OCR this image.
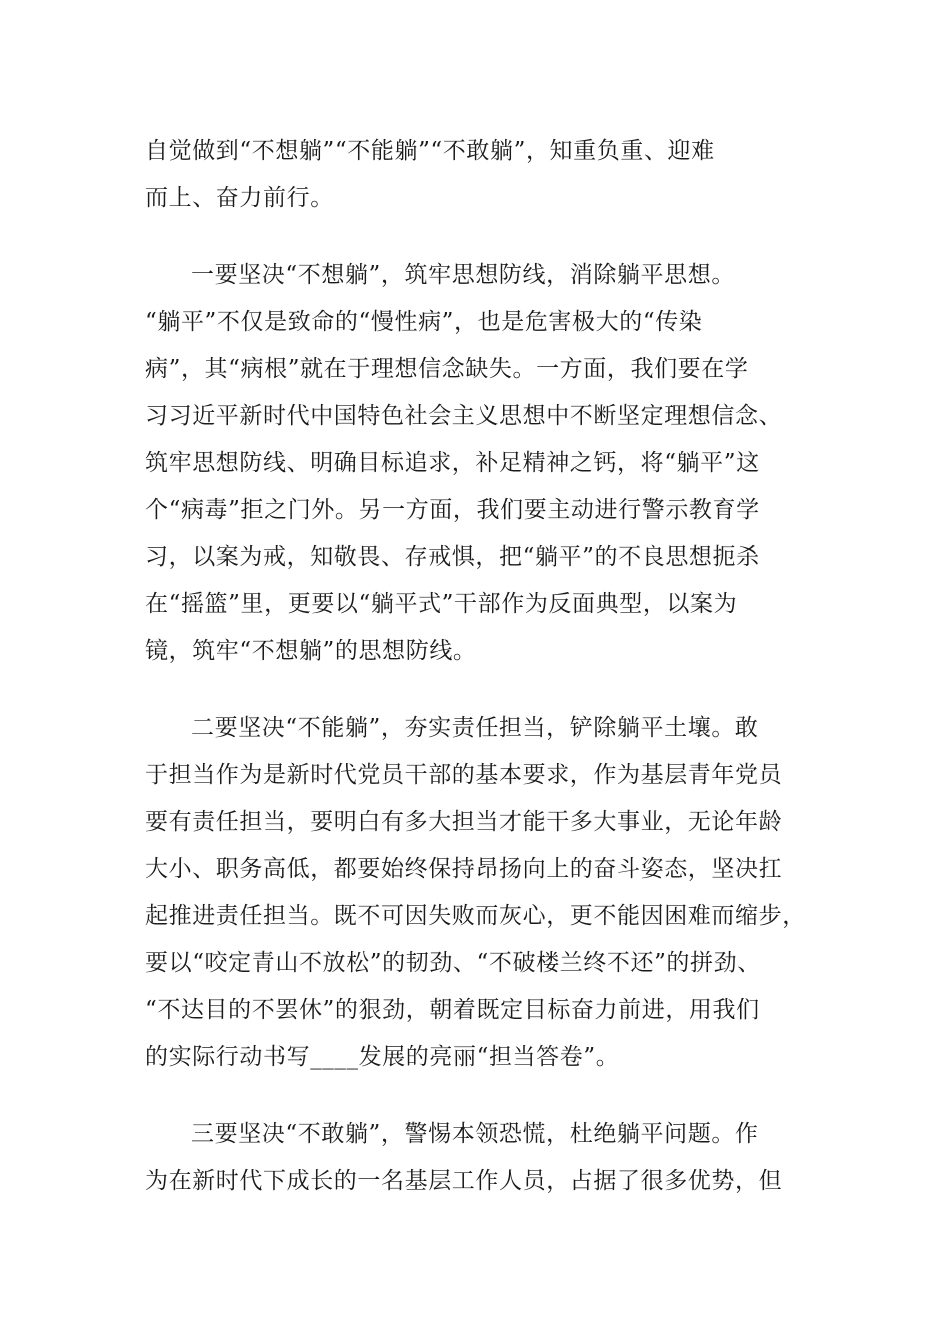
自觉做到“不想躺”“不能躺”“不敢躺”，知重负重、迎难
而上、奋力前行。
一要坚决“不想躺”，筑牢思想防线，消除躺平思想。
“躺平”不仅是致命的“慢性病”，也是危害极大的“传染
病”，其“病根”就在于理想信念缺失。一方面，我们要在学
习习近平新时代中国特色社会主义思想中不断坚定理想信念、
筑牢思想防线、明确目标追求，补足精神之钙，将“躺平”这
个“病毒”拒之门外。另一方面，我们要主动进行警示教育学
习，以案为戒，知敬畏、存戒惧，把“躺平”的不良思想扼杀
在“摇篮”里，更要以“躺平式”干部作为反面典型，以案为
镜，筑牢“不想躺”的思想防线。
二要坚决“不能躺”，夯实责任担当，铲除躺平土壤。敢
于担当作为是新时代党员干部的基本要求，作为基层青年党员
要有责任担当，要明白有多大担当才能干多大事业，无论年龄
大小、职务高低，都要始终保持昂扬向上的奋斗姿态，坚决扛
起推进责任担当。既不可因失败而灰心，更不能因困难而缩步，
要以“咬定青山不放松”的韧劲、“不破楼兰终不还”的拼劲、
“不达目的不罢休”的狠劲，朝着既定目标奋力前进，用我们
的实际行动书写____发展的亮丽“担当答卷”。
三要坚决“不敢躺”，警惕本领恐慌，杜绝躺平问题。作
为在新时代下成长的一名基层工作人员，占据了很多优势，但
